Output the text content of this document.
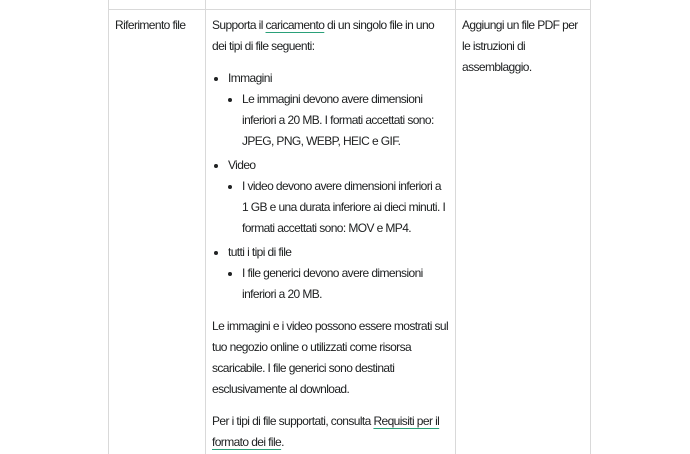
Riferimento file	Supporta il caricamento di un singolo file in uno dei tipi di file seguenti:

• Immagini
• Le immagini devono avere dimensioni inferiori a 20 MB. I formati accettati sono: JPEG, PNG, WEBP, HEIC e GIF.
• Video
• I video devono avere dimensioni inferiori a 1 GB e una durata inferiore ai dieci minuti. I formati accettati sono: MOV e MP4.
• tutti i tipi di file
• I file generici devono avere dimensioni inferiori a 20 MB.

Le immagini e i video possono essere mostrati sul tuo negozio online o utilizzati come risorsa scaricabile. I file generici sono destinati esclusivamente al download.

Per i tipi di file supportati, consulta Requisiti per il formato dei file.

Aggiungi un file PDF per le istruzioni di assemblaggio.
